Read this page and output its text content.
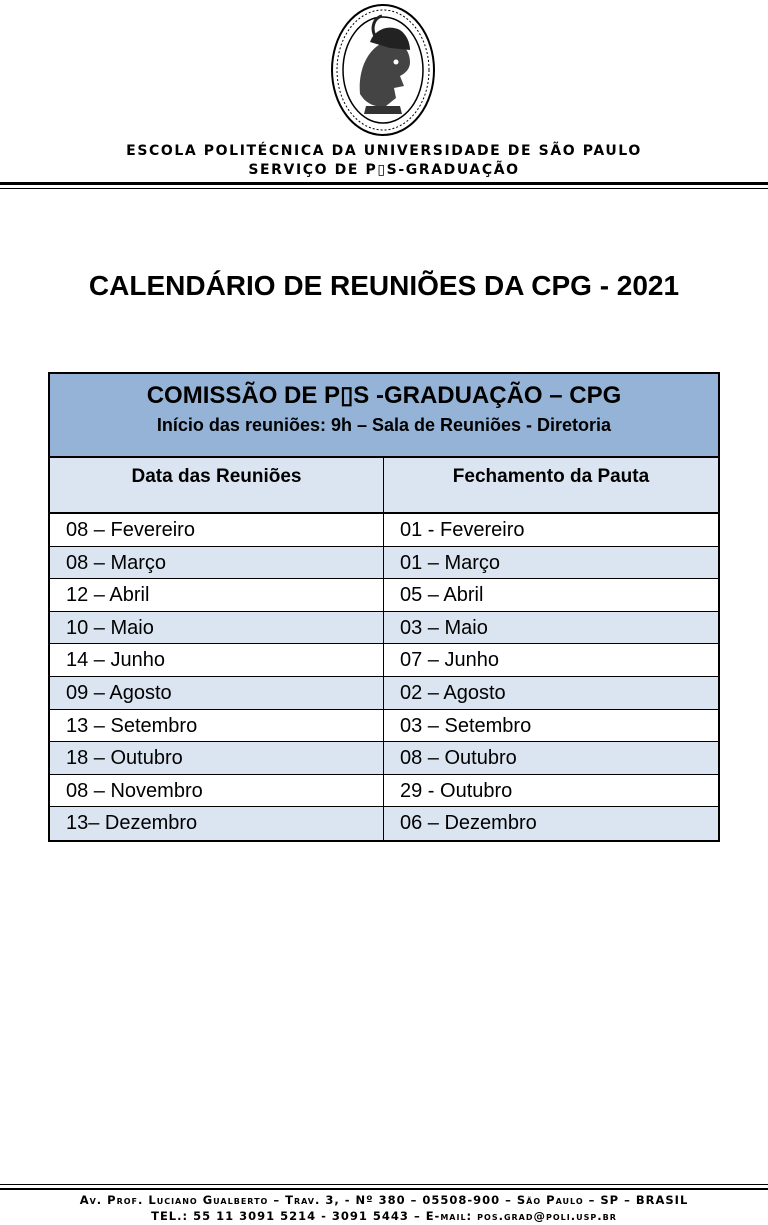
ESCOLA POLITÉCNICA DA UNIVERSIDADE DE SÃO PAULO
SERVIÇO DE P▯S-GRADUAÇÃO
CALENDÁRIO DE REUNIÕES DA CPG - 2021
COMISSÃO DE P▯S -GRADUAÇÃO – CPG
Início das reuniões: 9h – Sala de Reuniões - Diretoria
Data das Reuniões	Fechamento da Pauta
08 – Fevereiro	01 - Fevereiro
08 – Março	01 – Março
12 – Abril	05 – Abril
10 – Maio	03 – Maio
14 – Junho	07 – Junho
09 – Agosto	02 – Agosto
13 – Setembro	03 – Setembro
18 – Outubro	08 – Outubro
08 – Novembro	29 - Outubro
13– Dezembro	06 – Dezembro
Av. Prof. Luciano Gualberto – Trav. 3, - Nº 380 – 05508-900 – São Paulo – SP – BRASIL
TEL.: 55 11 3091 5214 - 3091 5443 – E-mail: pos.grad@poli.usp.br
